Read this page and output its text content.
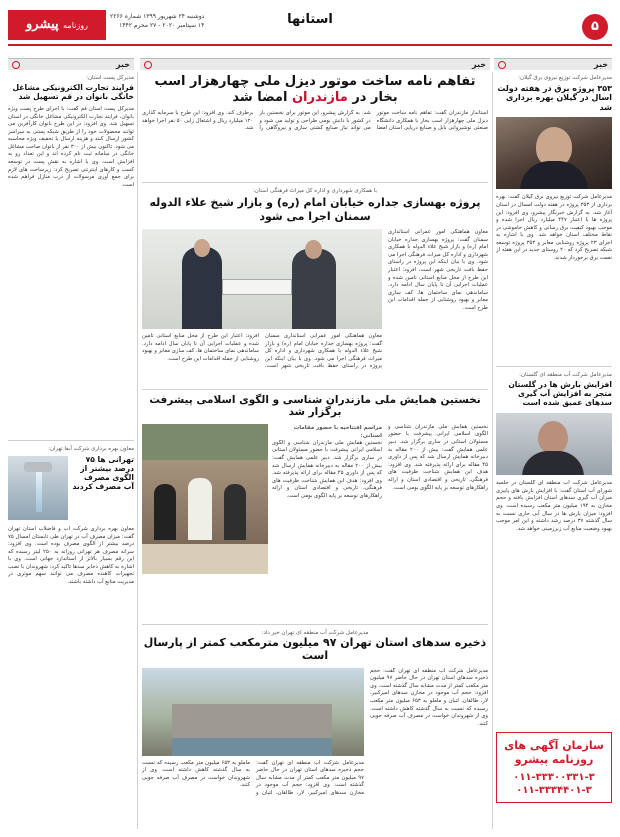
۵
استانها
روزنامه پیشرو
دوشنبه ۲۴ شهریور ۱۳۹۹ شماره ۲۲۶۶
۱۴ سپتامبر ۲۰۲۰ - ۲۷ محرم ۱۴۴۲
خبر
خبر
خبر
مدیرعامل شرکت توزیع نیروی برق گیلان:
۳۵۳ پروژه برق در هفته دولت اسال در گیلان بهره برداری شد
مدیرعامل شرکت توزیع نیروی برق گیلان گفت: بهره برداری از ۳۵۳ پروژه در هفته دولت امسال در استان آغاز شد. به گزارش خبرنگار پیشرو، وی افزود: این پروژه ها با اعتبار ۴۴۷ میلیارد ریال اجرا شده و موجب بهبود کیفیت برق رسانی و کاهش خاموشی در نقاط مختلف استان خواهد شد. وی با اشاره به اجرای ۲۳ پروژه روشنایی معابر و ۳۵۳ پروژه توسعه شبکه تصریح کرد که ۲۰ روستای جدید در این هفته از نعمت برق برخوردار شدند.
مدیرعامل شرکت آب منطقه ای گلستان:
افزایش بارش ها در گلستان متجر به افزایش آب گیری سدهای عمیق شده است
مدیرعامل شرکت آب منطقه ای گلستان در جلسه شورای آب استان گفت: با افزایش بارش های پاییزی میزان آب گیری سدهای استان افزایش یافته و حجم مخازن به ۱۹۴ میلیون متر مکعب رسیده است. وی افزود: میزان بارش ها در سال آبی جاری نسبت به سال گذشته ۳۷ درصد رشد داشته و این امر موجب بهبود وضعیت منابع آب زیرزمینی خواهد شد.
سازمان آگهی های روزنامه پیشرو
۰۱۱-۳۳۳۰۰۳۳۱-۳
۰۱۱-۳۳۳۴۴۰۱-۳
تفاهم نامه ساخت موتور دیزل ملی چهارهزار اسب بخار در مازندران امضا شد
استاندار مازندران گفت: تفاهم نامه ساخت موتور دیزل ملی چهارهزار اسب بخار با همکاری دانشگاه صنعتی نوشیروانی بابل و صنایع دریایی استان امضا شد. به گزارش پیشرو، این موتور برای نخستین بار در کشور با دانش بومی طراحی و تولید می شود و می تواند نیاز صنایع کشتی سازی و نیروگاهی را برطرف کند. وی افزود: این طرح با سرمایه گذاری ۱۲۰ میلیارد ریال و اشتغال زایی ۵۰ نفر اجرا خواهد شد.
با همکاری شهرداری و اداره کل میراث فرهنگی استان:
پروژه بهسازی جداره خیابان امام (ره) و بازار شیخ علاء الدوله سمنان اجرا می شود
معاون هماهنگی امور عمرانی استانداری سمنان گفت: پروژه بهسازی جداره خیابان امام (ره) و بازار شیخ علاء الدوله با همکاری شهرداری و اداره کل میراث فرهنگی اجرا می شود. وی با بیان اینکه این پروژه در راستای حفظ بافت تاریخی شهر است، افزود: اعتبار این طرح از محل منابع استانی تامین شده و عملیات اجرایی آن تا پایان سال ادامه دارد. ساماندهی نمای ساختمان ها، کف سازی معابر و بهبود روشنایی از جمله اقدامات این طرح است.
معاون هماهنگی امور عمرانی استانداری سمنان گفت: پروژه بهسازی جداره خیابان امام (ره) و بازار شیخ علاء الدوله با همکاری شهرداری و اداره کل میراث فرهنگی اجرا می شود. وی با بیان اینکه این پروژه در راستای حفظ بافت تاریخی شهر است، افزود: اعتبار این طرح از محل منابع استانی تامین شده و عملیات اجرایی آن تا پایان سال ادامه دارد. ساماندهی نمای ساختمان ها، کف سازی معابر و بهبود روشنایی از جمله اقدامات این طرح است.
نخستین همایش ملی مازندران شناسی و الگوی اسلامی پیشرفت برگزار شد
نخستین همایش ملی مازندران شناسی و الگوی اسلامی ایرانی پیشرفت با حضور مسئولان استانی در ساری برگزار شد. دبیر علمی همایش گفت: بیش از ۲۰۰ مقاله به دبیرخانه همایش ارسال شد که پس از داوری ۴۵ مقاله برای ارائه پذیرفته شد. وی افزود: هدف این همایش شناخت ظرفیت های فرهنگی، تاریخی و اقتصادی استان و ارائه راهکارهای توسعه بر پایه الگوی بومی است.
مراسم افتتاحیه با حضور مقامات استانی:
نخستین همایش ملی مازندران شناسی و الگوی اسلامی ایرانی پیشرفت با حضور مسئولان استانی در ساری برگزار شد. دبیر علمی همایش گفت: بیش از ۲۰۰ مقاله به دبیرخانه همایش ارسال شد که پس از داوری ۴۵ مقاله برای ارائه پذیرفته شد. وی افزود: هدف این همایش شناخت ظرفیت های فرهنگی، تاریخی و اقتصادی استان و ارائه راهکارهای توسعه بر پایه الگوی بومی است.
مدیرعامل شرکت آب منطقه ای تهران خبر داد:
ذخیره سدهای استان تهران ۹۷ میلیون مترمکعب کمتر از پارسال است
مدیرعامل شرکت آب منطقه ای تهران گفت: حجم ذخیره سدهای استان تهران در حال حاضر ۹۷ میلیون متر مکعب کمتر از مدت مشابه سال گذشته است. وی افزود: حجم آب موجود در مخازن سدهای امیرکبیر، لار، طالقان، لتیان و ماملو به ۶۵۳ میلیون متر مکعب رسیده که نسبت به سال گذشته کاهش داشته است. وی از شهروندان خواست در مصرف آب صرفه جویی کنند.
مدیرعامل شرکت آب منطقه ای تهران گفت: حجم ذخیره سدهای استان تهران در حال حاضر ۹۷ میلیون متر مکعب کمتر از مدت مشابه سال گذشته است. وی افزود: حجم آب موجود در مخازن سدهای امیرکبیر، لار، طالقان، لتیان و ماملو به ۶۵۳ میلیون متر مکعب رسیده که نسبت به سال گذشته کاهش داشته است. وی از شهروندان خواست در مصرف آب صرفه جویی کنند.
مدیرکل پست استان:
فرایند تجارت الکترونیکی مشاغل خانگی بانوان در قم تسهیل شد
مدیرکل پست استان قم گفت: با اجرای طرح پست ویژه بانوان، فرایند تجارت الکترونیکی مشاغل خانگی در استان تسهیل شد. وی افزود: در این طرح بانوان کارآفرین می توانند محصولات خود را از طریق شبکه پستی به سراسر کشور ارسال کنند و هزینه ارسال با تخفیف ویژه محاسبه می شود. تاکنون بیش از ۳۰۰ نفر از بانوان صاحب مشاغل خانگی در سامانه ثبت نام کرده اند و این تعداد رو به افزایش است. وی با اشاره به نقش پست در توسعه کسب و کارهای اینترنتی تصریح کرد: زیرساخت های لازم برای جمع آوری مرسولات از درب منازل فراهم شده است.
معاون بهره برداری شرکت آبفا تهران:
تهرانی ها ۷۵ درصد بیشتر از الگوی مصرف آب مصرف کردند
معاون بهره برداری شرکت آب و فاضلاب استان تهران گفت: میزان مصرف آب در تهران طی تابستان امسال ۷۵ درصد بیشتر از الگوی مصرف بوده است. وی افزود: سرانه مصرف هر تهرانی روزانه به ۲۵۰ لیتر رسیده که این رقم بسیار بالاتر از استاندارد جهانی است. وی با اشاره به کاهش ذخایر سدها تاکید کرد: شهروندان با نصب تجهیزات کاهنده مصرف می توانند سهم موثری در مدیریت منابع آب داشته باشند.
